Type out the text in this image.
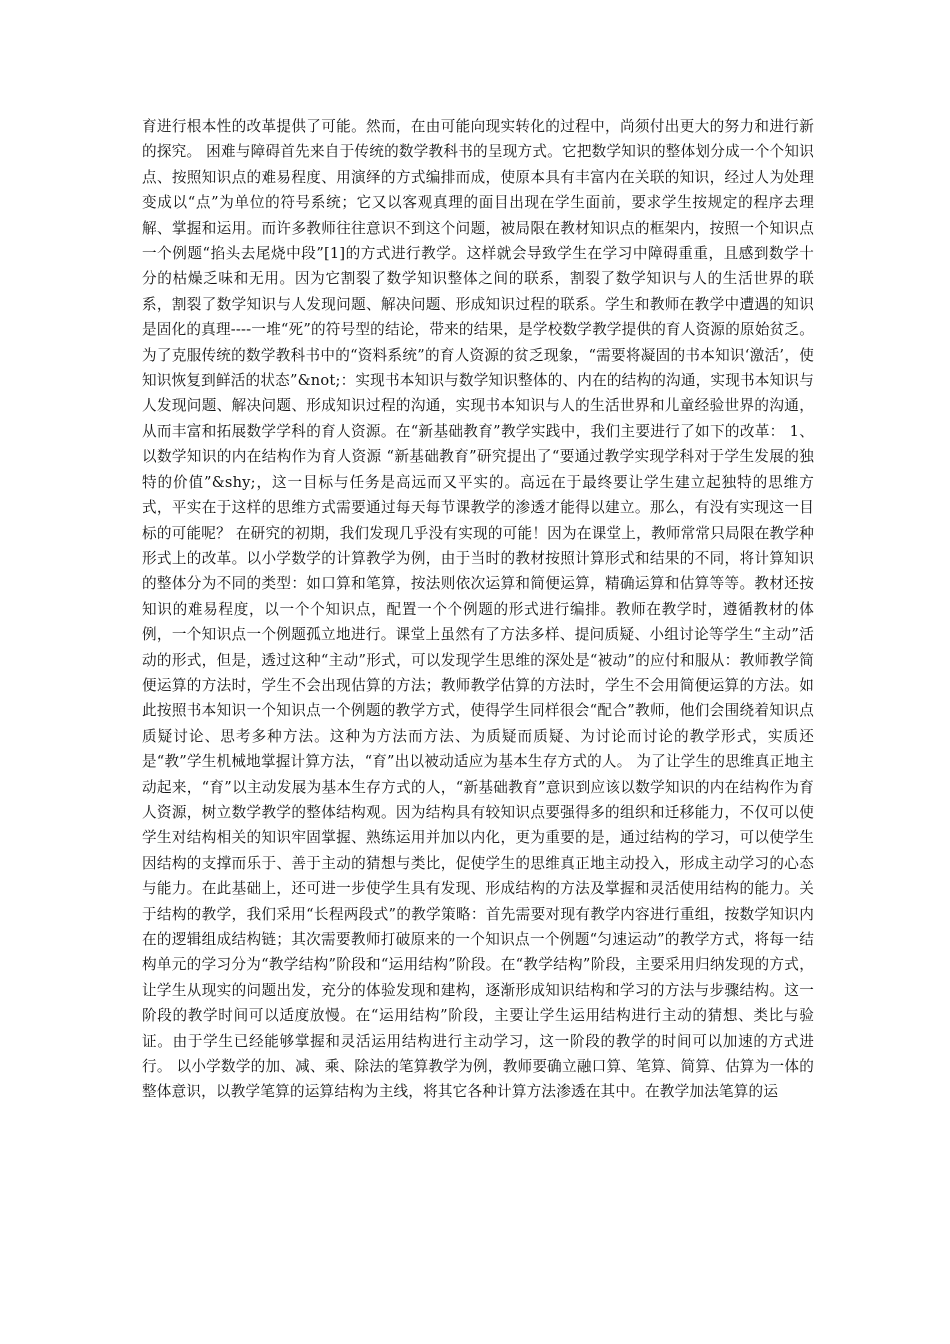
育进行根本性的改革提供了可能。然而，在由可能向现实转化的过程中，尚须付出更大的努力和进行新的探究。 困难与障碍首先来自于传统的数学教科书的呈现方式。它把数学知识的整体划分成一个个知识点、按照知识点的难易程度、用演绎的方式编排而成，使原本具有丰富内在关联的知识，经过人为处理变成以“点”为单位的符号系统；它又以客观真理的面目出现在学生面前，要求学生按规定的程序去理解、掌握和运用。而许多教师往往意识不到这个问题，被局限在教材知识点的框架内，按照一个知识点一个例题“掐头去尾烧中段”[1]的方式进行教学。这样就会导致学生在学习中障碍重重，且感到数学十分的枯燥乏味和无用。因为它割裂了数学知识整体之间的联系，割裂了数学知识与人的生活世界的联系，割裂了数学知识与人发现问题、解决问题、形成知识过程的联系。学生和教师在教学中遭遇的知识是固化的真理----一堆“死”的符号型的结论，带来的结果，是学校数学教学提供的育人资源的原始贫乏。 为了克服传统的数学教科书中的“资料系统”的育人资源的贫乏现象，“需要将凝固的书本知识‘激活’，使知识恢复到鲜活的状态”&not;：实现书本知识与数学知识整体的、内在的结构的沟通，实现书本知识与人发现问题、解决问题、形成知识过程的沟通，实现书本知识与人的生活世界和儿童经验世界的沟通，从而丰富和拓展数学学科的育人资源。在“新基础教育”教学实践中，我们主要进行了如下的改革： 1、 以数学知识的内在结构作为育人资源 “新基础教育”研究提出了“要通过教学实现学科对于学生发展的独特的价值”&shy;，这一目标与任务是高远而又平实的。高远在于最终要让学生建立起独特的思维方式，平实在于这样的思维方式需要通过每天每节课教学的渗透才能得以建立。那么，有没有实现这一目标的可能呢？ 在研究的初期，我们发现几乎没有实现的可能！因为在课堂上，教师常常只局限在教学种形式上的改革。以小学数学的计算教学为例，由于当时的教材按照计算形式和结果的不同，将计算知识的整体分为不同的类型：如口算和笔算，按法则依次运算和简便运算，精确运算和估算等等。教材还按知识的难易程度，以一个个知识点，配置一个个例题的形式进行编排。教师在教学时，遵循教材的体例，一个知识点一个例题孤立地进行。课堂上虽然有了方法多样、提问质疑、小组讨论等学生“主动”活动的形式，但是，透过这种“主动”形式，可以发现学生思维的深处是“被动”的应付和服从：教师教学简便运算的方法时，学生不会出现估算的方法；教师教学估算的方法时，学生不会用简便运算的方法。如此按照书本知识一个知识点一个例题的教学方式，使得学生同样很会“配合”教师，他们会围绕着知识点质疑讨论、思考多种方法。这种为方法而方法、为质疑而质疑、为讨论而讨论的教学形式，实质还是“教”学生机械地掌握计算方法，“育”出以被动适应为基本生存方式的人。 为了让学生的思维真正地主动起来，“育”以主动发展为基本生存方式的人，“新基础教育”意识到应该以数学知识的内在结构作为育人资源，树立数学教学的整体结构观。因为结构具有较知识点要强得多的组织和迁移能力，不仅可以使学生对结构相关的知识牢固掌握、熟练运用并加以内化，更为重要的是，通过结构的学习，可以使学生因结构的支撑而乐于、善于主动的猜想与类比，促使学生的思维真正地主动投入，形成主动学习的心态与能力。在此基础上，还可进一步使学生具有发现、形成结构的方法及掌握和灵活使用结构的能力。关于结构的教学，我们采用“长程两段式”的教学策略：首先需要对现有教学内容进行重组，按数学知识内在的逻辑组成结构链；其次需要教师打破原来的一个知识点一个例题“匀速运动”的教学方式，将每一结构单元的学习分为“教学结构”阶段和“运用结构”阶段。在“教学结构”阶段，主要采用归纳发现的方式，让学生从现实的问题出发，充分的体验发现和建构，逐渐形成知识结构和学习的方法与步骤结构。这一阶段的教学时间可以适度放慢。在“运用结构”阶段，主要让学生运用结构进行主动的猜想、类比与验证。由于学生已经能够掌握和灵活运用结构进行主动学习，这一阶段的教学的时间可以加速的方式进行。 以小学数学的加、减、乘、除法的笔算教学为例，教师要确立融口算、笔算、简算、估算为一体的整体意识，以教学笔算的运算结构为主线，将其它各种计算方法渗透在其中。在教学加法笔算的运
